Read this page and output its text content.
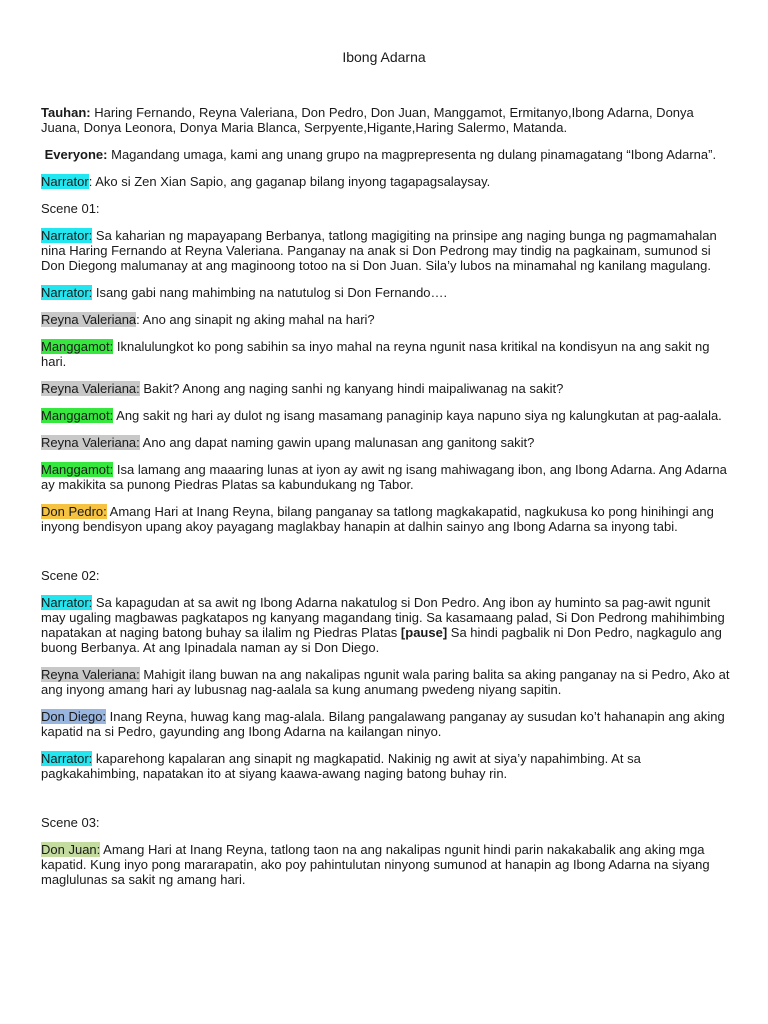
Ibong Adarna

Tauhan: Haring Fernando, Reyna Valeriana, Don Pedro, Don Juan, Manggamot, Ermitanyo,Ibong Adarna, Donya Juana, Donya Leonora, Donya Maria Blanca, Serpyente,Higante,Haring Salermo, Matanda.

Everyone: Magandang umaga, kami ang unang grupo na magprepresenta ng dulang pinamagatang “Ibong Adarna”.

Narrator: Ako si Zen Xian Sapio, ang gaganap bilang inyong tagapagsalaysay.

Scene 01:

Narrator: Sa kaharian ng mapayapang Berbanya, tatlong magigiting na prinsipe ang naging bunga ng pagmamahalan nina Haring Fernando at Reyna Valeriana. Panganay na anak si Don Pedrong may tindig na pagkainam, sumunod si Don Diegong malumanay at ang maginoong totoo na si Don Juan. Sila’y lubos na minamahal ng kanilang magulang.

Narrator: Isang gabi nang mahimbing na natutulog si Don Fernando….

Reyna Valeriana: Ano ang sinapit ng aking mahal na hari?

Manggamot: Iknalulungkot ko pong sabihin sa inyo mahal na reyna ngunit nasa kritikal na kondisyun na ang sakit ng hari.

Reyna Valeriana: Bakit? Anong ang naging sanhi ng kanyang hindi maipaliwanag na sakit?

Manggamot: Ang sakit ng hari ay dulot ng isang masamang panaginip kaya napuno siya ng kalungkutan at pag-aalala.

Reyna Valeriana: Ano ang dapat naming gawin upang malunasan ang ganitong sakit?

Manggamot: Isa lamang ang maaaring lunas at iyon ay awit ng isang mahiwagang ibon, ang Ibong Adarna. Ang Adarna ay makikita sa punong Piedras Platas sa kabundukang ng Tabor.

Don Pedro: Amang Hari at Inang Reyna, bilang panganay sa tatlong magkakapatid, nagkukusa ko pong hinihingi ang inyong bendisyon upang akoy payagang maglakbay hanapin at dalhin sainyo ang Ibong Adarna sa inyong tabi.

Scene 02:

Narrator: Sa kapagudan at sa awit ng Ibong Adarna nakatulog si Don Pedro. Ang ibon ay huminto sa pag-awit ngunit may ugaling magbawas pagkatapos ng kanyang magandang tinig. Sa kasamaang palad, Si Don Pedrong mahihimbing napatakan at naging batong buhay sa ilalim ng Piedras Platas [pause] Sa hindi pagbalik ni Don Pedro, nagkagulo ang buong Berbanya. At ang Ipinadala naman ay si Don Diego.

Reyna Valeriana: Mahigit ilang buwan na ang nakalipas ngunit wala paring balita sa aking panganay na si Pedro, Ako at ang inyong amang hari ay lubusnag nag-aalala sa kung anumang pwedeng niyang sapitin.

Don Diego: Inang Reyna, huwag kang mag-alala. Bilang pangalawang panganay ay susudan ko’t hahanapin ang aking kapatid na si Pedro, gayunding ang Ibong Adarna na kailangan ninyo.

Narrator: kaparehong kapalaran ang sinapit ng magkapatid. Nakinig ng awit at siya’y napahimbing. At sa pagkakahimbing, napatakan ito at siyang kaawa-awang naging batong buhay rin.

Scene 03:

Don Juan: Amang Hari at Inang Reyna, tatlong taon na ang nakalipas ngunit hindi parin nakakabalik ang aking mga kapatid. Kung inyo pong mararapatin, ako poy pahintulutan ninyong sumunod at hanapin ag Ibong Adarna na siyang maglulunas sa sakit ng amang hari.
